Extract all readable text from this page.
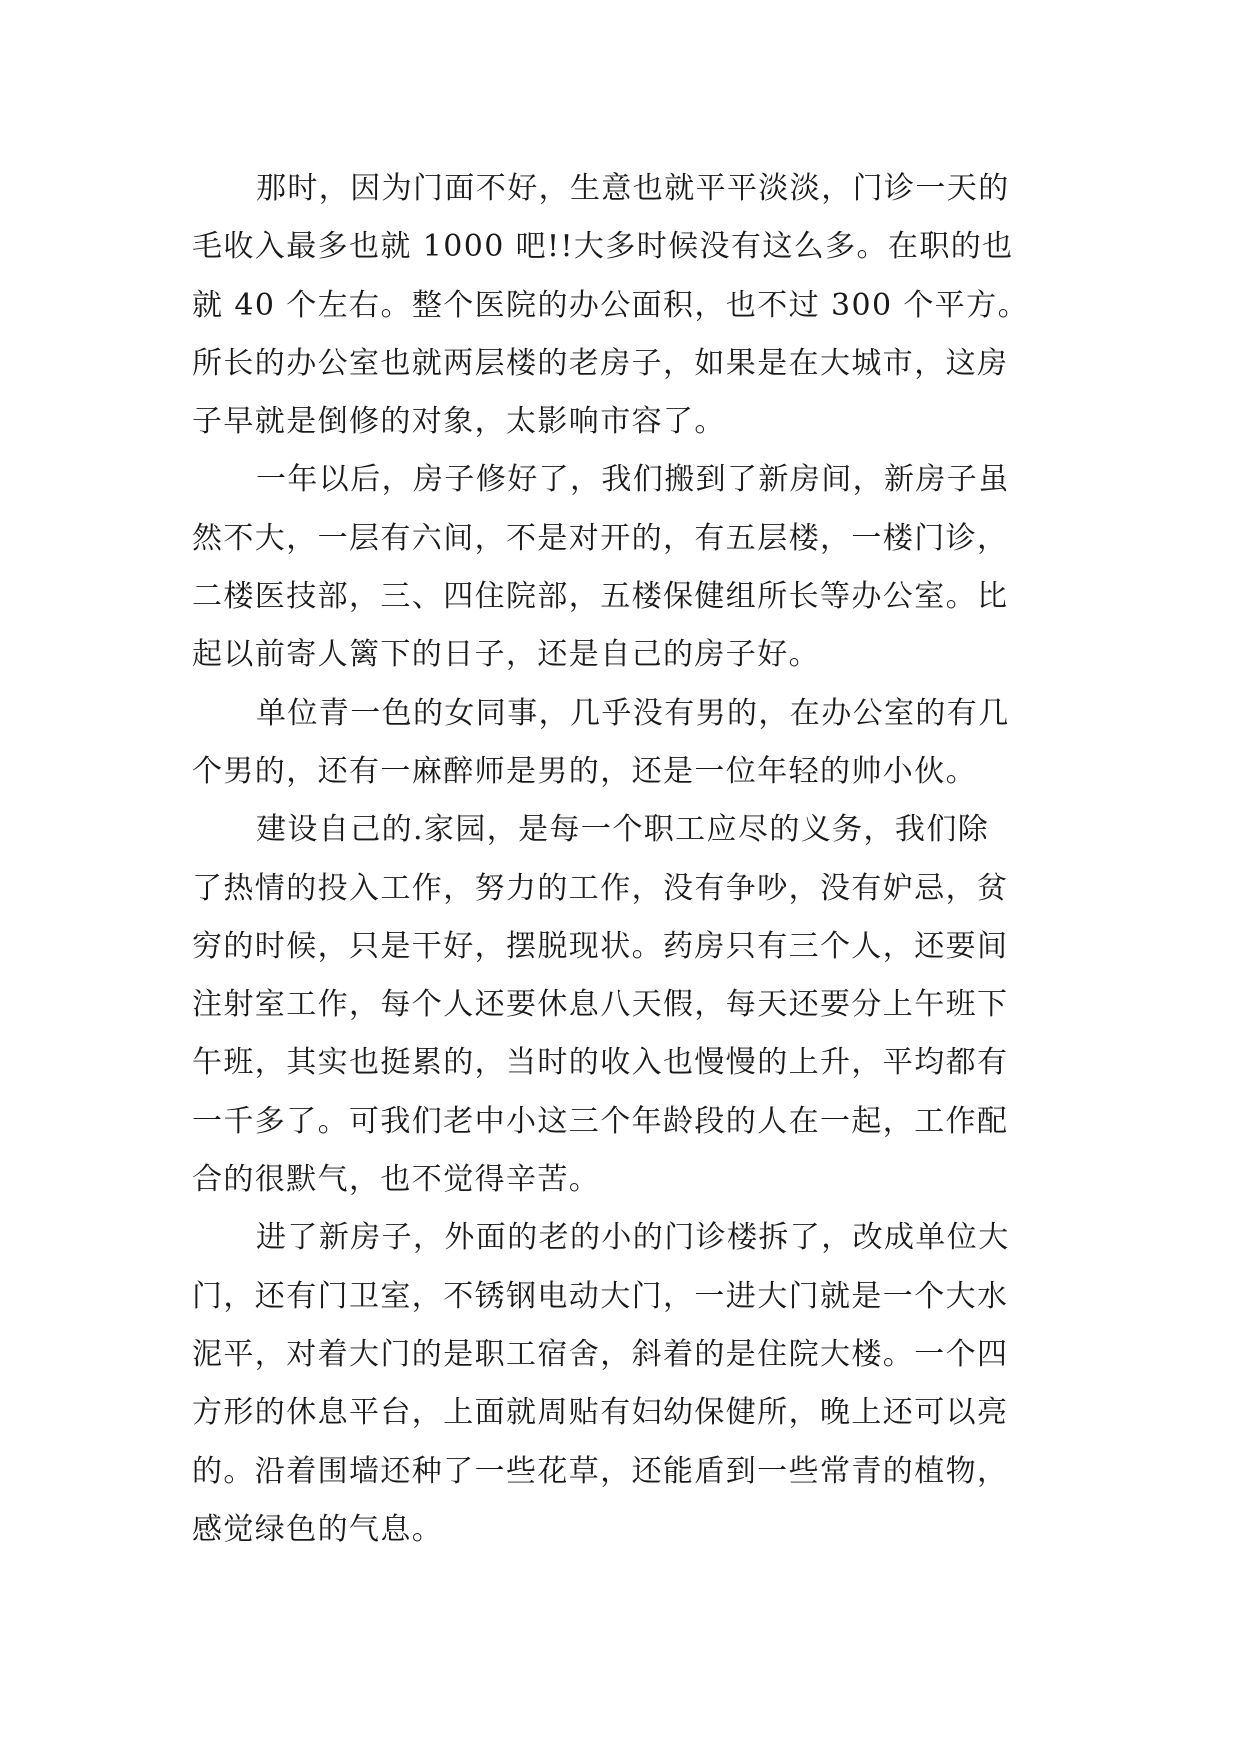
那时，因为门面不好，生意也就平平淡淡，门诊一天的
毛收入最多也就 1000 吧!!大多时候没有这么多。在职的也
就 40 个左右。整个医院的办公面积，也不过 300 个平方。
所长的办公室也就两层楼的老房子，如果是在大城市，这房
子早就是倒修的对象，太影响市容了。
一年以后，房子修好了，我们搬到了新房间，新房子虽
然不大，一层有六间，不是对开的，有五层楼，一楼门诊，
二楼医技部，三、四住院部，五楼保健组所长等办公室。比
起以前寄人篱下的日子，还是自己的房子好。
单位青一色的女同事，几乎没有男的，在办公室的有几
个男的，还有一麻醉师是男的，还是一位年轻的帅小伙。
建设自己的.家园，是每一个职工应尽的义务，我们除
了热情的投入工作，努力的工作，没有争吵，没有妒忌，贫
穷的时候，只是干好，摆脱现状。药房只有三个人，还要间
注射室工作，每个人还要休息八天假，每天还要分上午班下
午班，其实也挺累的，当时的收入也慢慢的上升，平均都有
一千多了。可我们老中小这三个年龄段的人在一起，工作配
合的很默气，也不觉得辛苦。
进了新房子，外面的老的小的门诊楼拆了，改成单位大
门，还有门卫室，不锈钢电动大门，一进大门就是一个大水
泥平，对着大门的是职工宿舍，斜着的是住院大楼。一个四
方形的休息平台，上面就周贴有妇幼保健所，晚上还可以亮
的。沿着围墙还种了一些花草，还能盾到一些常青的植物，
感觉绿色的气息。
